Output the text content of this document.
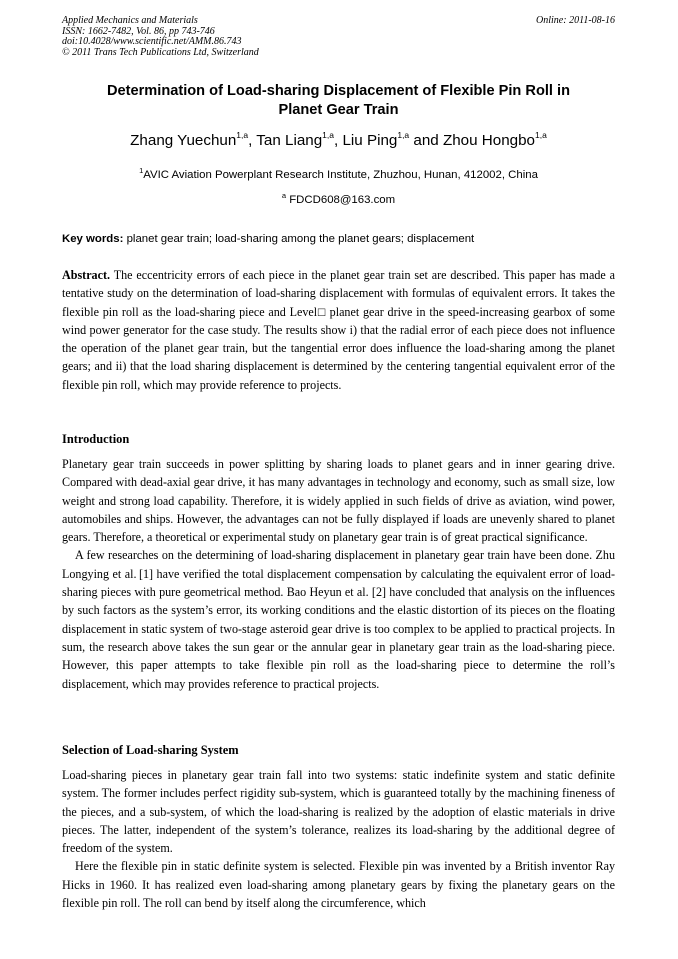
Applied Mechanics and Materials
ISSN: 1662-7482, Vol. 86, pp 743-746
doi:10.4028/www.scientific.net/AMM.86.743
© 2011 Trans Tech Publications Ltd, Switzerland
Online: 2011-08-16
Determination of Load-sharing Displacement of Flexible Pin Roll in
Planet Gear Train
Zhang Yuechun$^{1,a}$, Tan Liang$^{1,a}$, Liu Ping$^{1,a}$ and Zhou Hongbo$^{1,a}$
$^1$AVIC Aviation Powerplant Research Institute, Zhuzhou, Hunan, 412002, China
$^a$ FDCD608@163.com
Key words: planet gear train; load-sharing among the planet gears; displacement

Abstract. The eccentricity errors of each piece in the planet gear train set are described. This paper has made a tentative study on the determination of load-sharing displacement with formulas of equivalent errors. It takes the flexible pin roll as the load-sharing piece and Level□ planet gear drive in the speed-increasing gearbox of some wind power generator for the case study. The results show i) that the radial error of each piece does not influence the operation of the planet gear train, but the tangential error does influence the load-sharing among the planet gears; and ii) that the load sharing displacement is determined by the centering tangential equivalent error of the flexible pin roll, which may provide reference to projects.

Introduction

Planetary gear train succeeds in power splitting by sharing loads to planet gears and in inner gearing drive. Compared with dead-axial gear drive, it has many advantages in technology and economy, such as small size, low weight and strong load capability. Therefore, it is widely applied in such fields of drive as aviation, wind power, automobiles and ships. However, the advantages can not be fully displayed if loads are unevenly shared to planet gears. Therefore, a theoretical or experimental study on planetary gear train is of great practical significance.

A few researches on the determining of load-sharing displacement in planetary gear train have been done. Zhu Longying et al. [1] have verified the total displacement compensation by calculating the equivalent error of load-sharing pieces with pure geometrical method. Bao Heyun et al. [2] have concluded that analysis on the influences by such factors as the system’s error, its working conditions and the elastic distortion of its pieces on the floating displacement in static system of two-stage asteroid gear drive is too complex to be applied to practical projects. In sum, the research above takes the sun gear or the annular gear in planetary gear train as the load-sharing piece. However, this paper attempts to take flexible pin roll as the load-sharing piece to determine the roll’s displacement, which may provides reference to practical projects.

Selection of Load-sharing System

Load-sharing pieces in planetary gear train fall into two systems: static indefinite system and static definite system. The former includes perfect rigidity sub-system, which is guaranteed totally by the machining fineness of the pieces, and a sub-system, of which the load-sharing is realized by the adoption of elastic materials in drive pieces. The latter, independent of the system’s tolerance, realizes its load-sharing by the additional degree of freedom of the system.

Here the flexible pin in static definite system is selected. Flexible pin was invented by a British inventor Ray Hicks in 1960. It has realized even load-sharing among planetary gears by fixing the planetary gears on the flexible pin roll. The roll can bend by itself along the circumference, which
